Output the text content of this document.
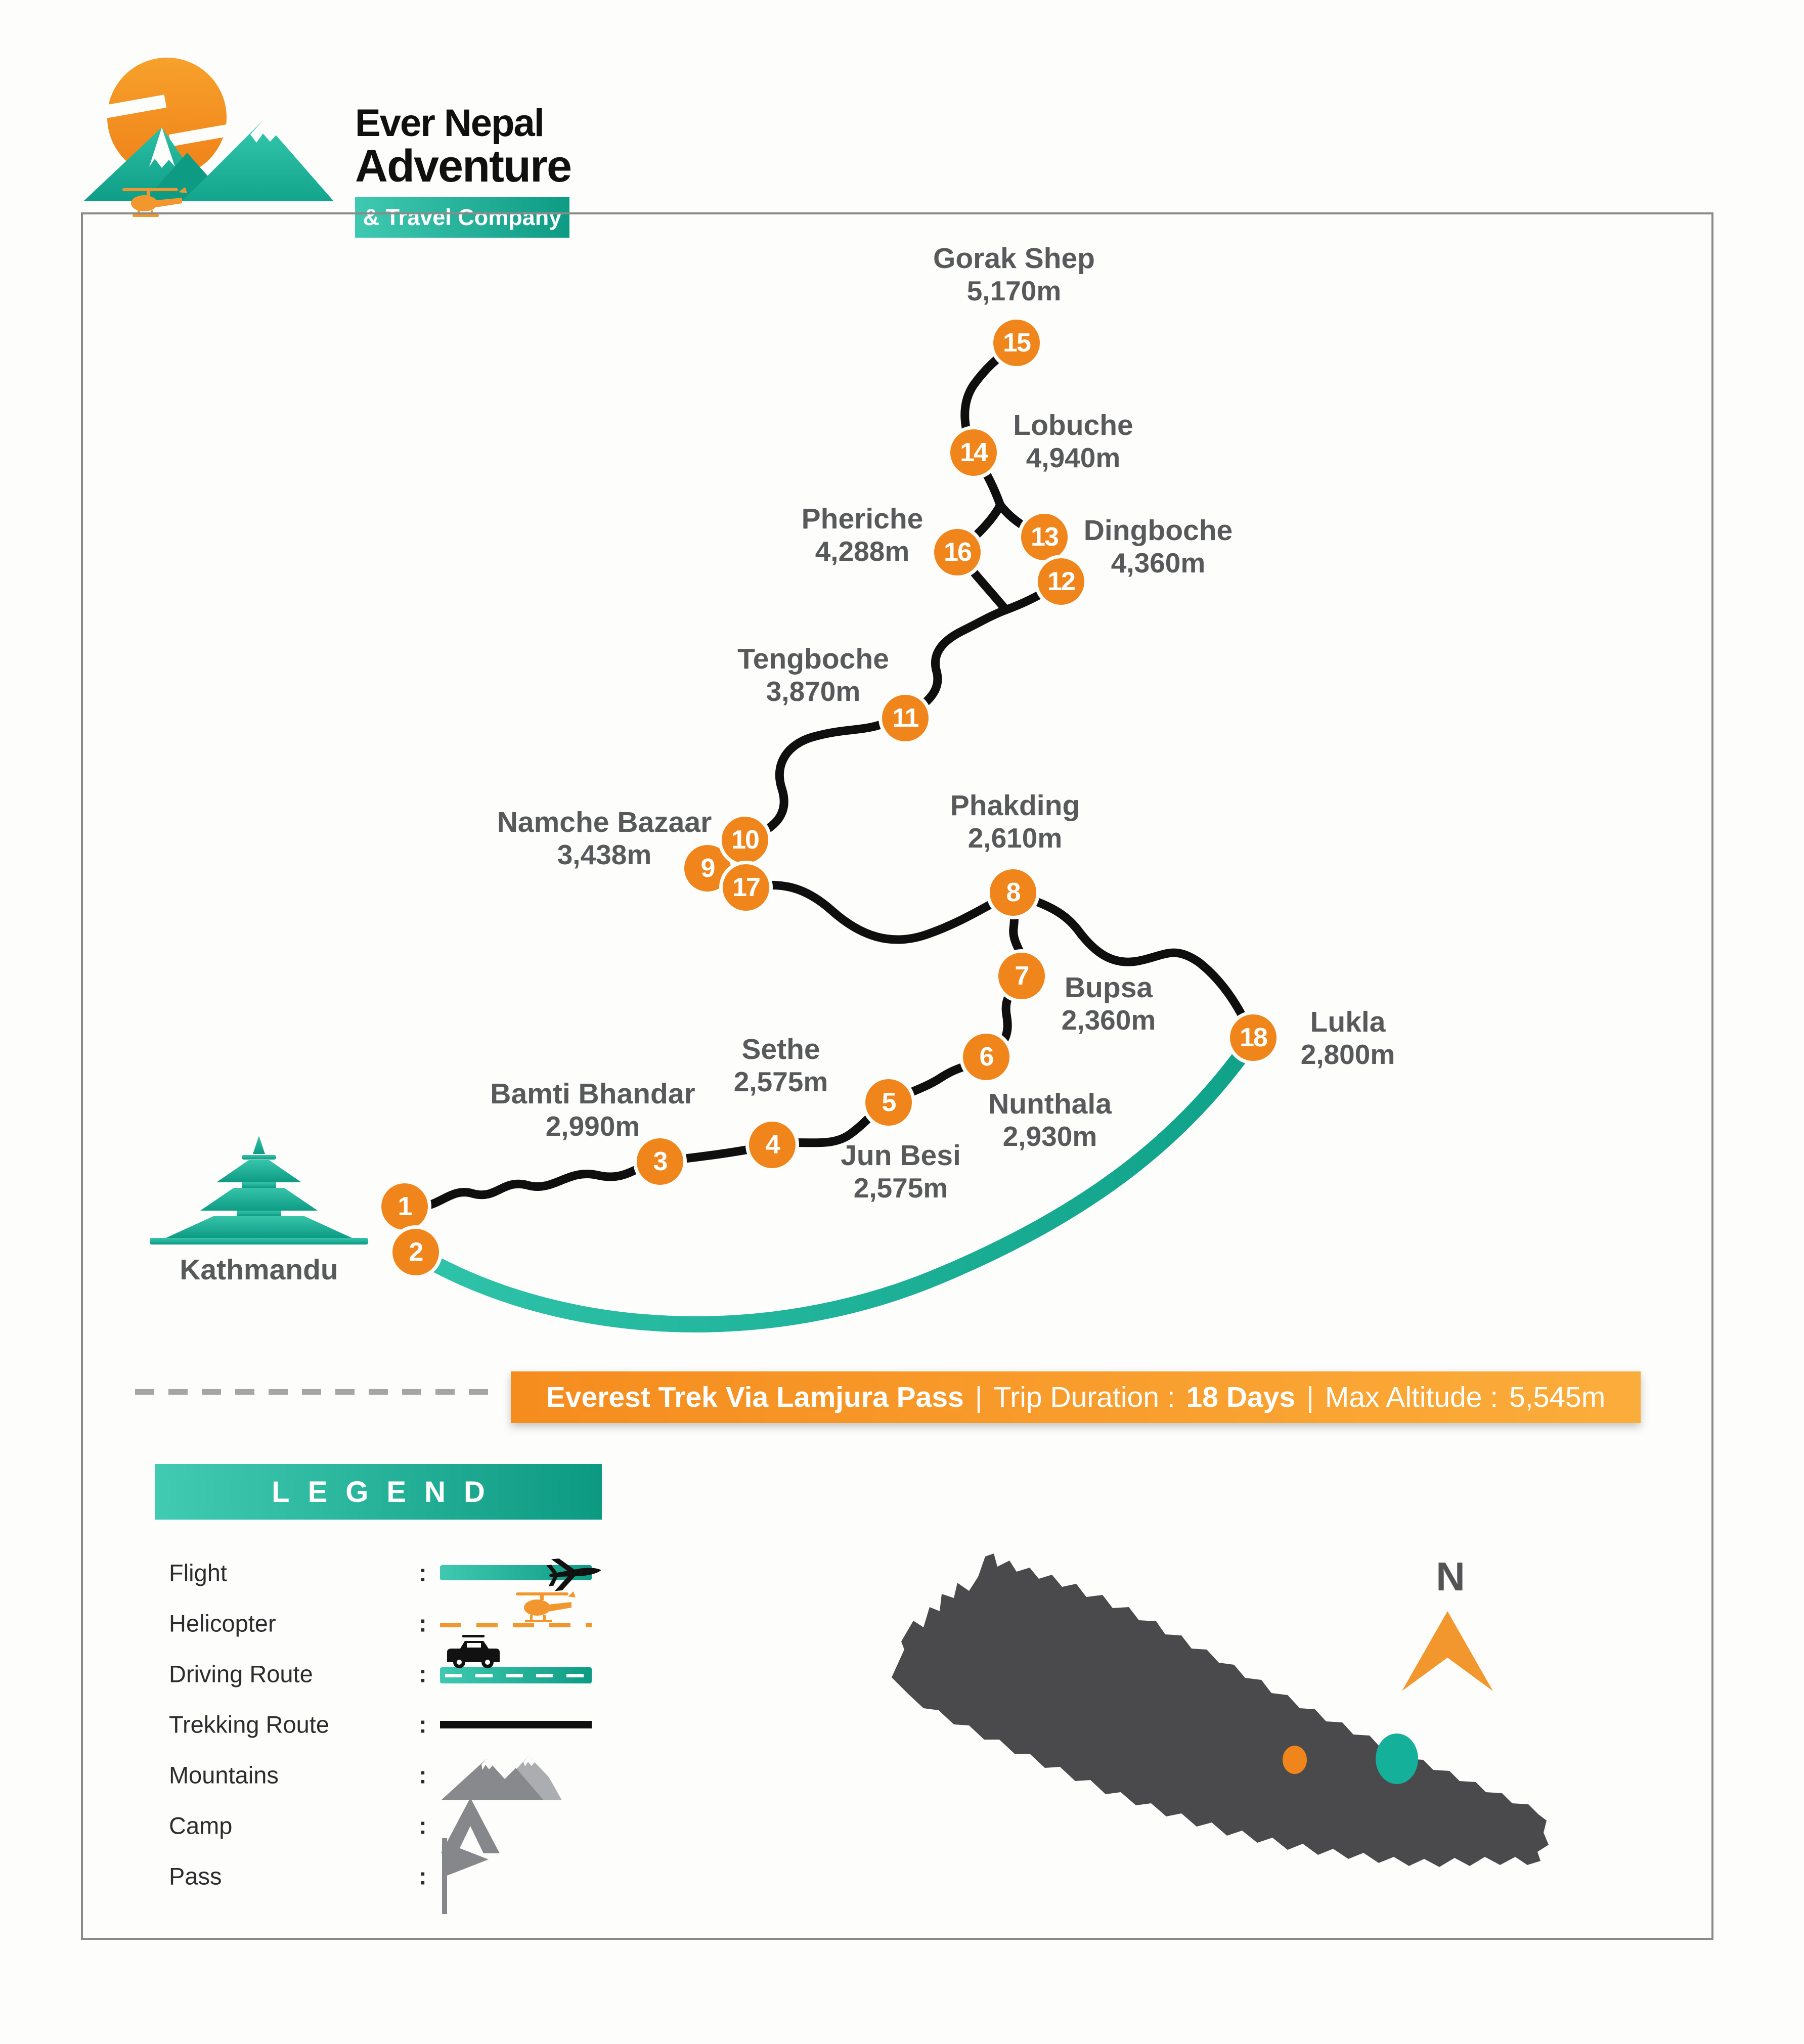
Ever Nepal
Adventure
& Travel Company
1
2
3
4
5
6
7
8
9
10
11
13
12
14
15
16
17
18
Gorak Shep
5,170m
Lobuche
4,940m
Pheriche
4,288m
Dingboche
4,360m
Tengboche
3,870m
Namche Bazaar
3,438m
Phakding
2,610m
Bupsa
2,360m	Lukla
2,800m
Sethe
2,575m
Bamti Bhandar
2,990m
Jun Besi
2,575m
Nunthala
2,930m
Kathmandu
Everest Trek Via Lamjura Pass | Trip Duration : 18 Days | Max Altitude : 5,545m
LEGEND
Flight	:
Helicopter	:
Driving Route	:
Trekking Route	:
Mountains	:
Camp	:
Pass	:
N
